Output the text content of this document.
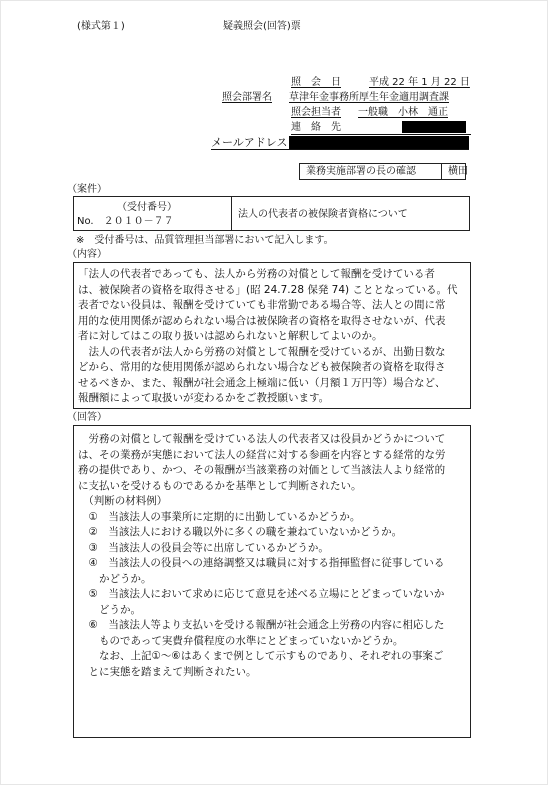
(様式第１)	疑義照会(回答)票
照　会　日	平成 22 年 1 月 22 日
照会部署名 草津年金事務所厚生年金適用調査課
照会担当者 一般職　小林　通正
連　絡　先
メールアドレス
業務実施部署の長の確認	横田
（案件）
（受付番号）
No.　２０１０－７７
法人の代表者の被保険者資格について
※　受付番号は、品質管理担当部署において記入します。
（内容）
「法人の代表者であっても、法人から労務の対償として報酬を受けている者
は、被保険者の資格を取得させる」(昭 24.7.28 保発 74) こととなっている。代
表者でない役員は、報酬を受けていても非常勤である場合等、法人との間に常
用的な使用関係が認められない場合は被保険者の資格を取得させないが、代表
者に対してはこの取り扱いは認められないと解釈してよいのか。
　法人の代表者が法人から労務の対償として報酬を受けているが、出勤日数な
どから、常用的な使用関係が認められない場合なども被保険者の資格を取得さ
せるべきか、また、報酬が社会通念上極端に低い（月額１万円等）場合など、
報酬額によって取扱いが変わるかをご教授願います。
（回答）
　労務の対償として報酬を受けている法人の代表者又は役員かどうかについて
は、その業務が実態において法人の経営に対する参画を内容とする経常的な労
務の提供であり、かつ、その報酬が当該業務の対価として当該法人より経常的
に支払いを受けるものであるかを基準として判断されたい。
　（判断の材料例）
　①　当該法人の事業所に定期的に出勤しているかどうか。
　②　当該法人における職以外に多くの職を兼ねていないかどうか。
　③　当該法人の役員会等に出席しているかどうか。
　④　当該法人の役員への連絡調整又は職員に対する指揮監督に従事している
　　かどうか。
　⑤　当該法人において求めに応じて意見を述べる立場にとどまっていないか
　　どうか。
　⑥　当該法人等より支払いを受ける報酬が社会通念上労務の内容に相応した
　　ものであって実費弁償程度の水準にとどまっていないかどうか。
　　なお、上記①～⑥はあくまで例として示すものであり、それぞれの事案ご
　とに実態を踏まえて判断されたい。
